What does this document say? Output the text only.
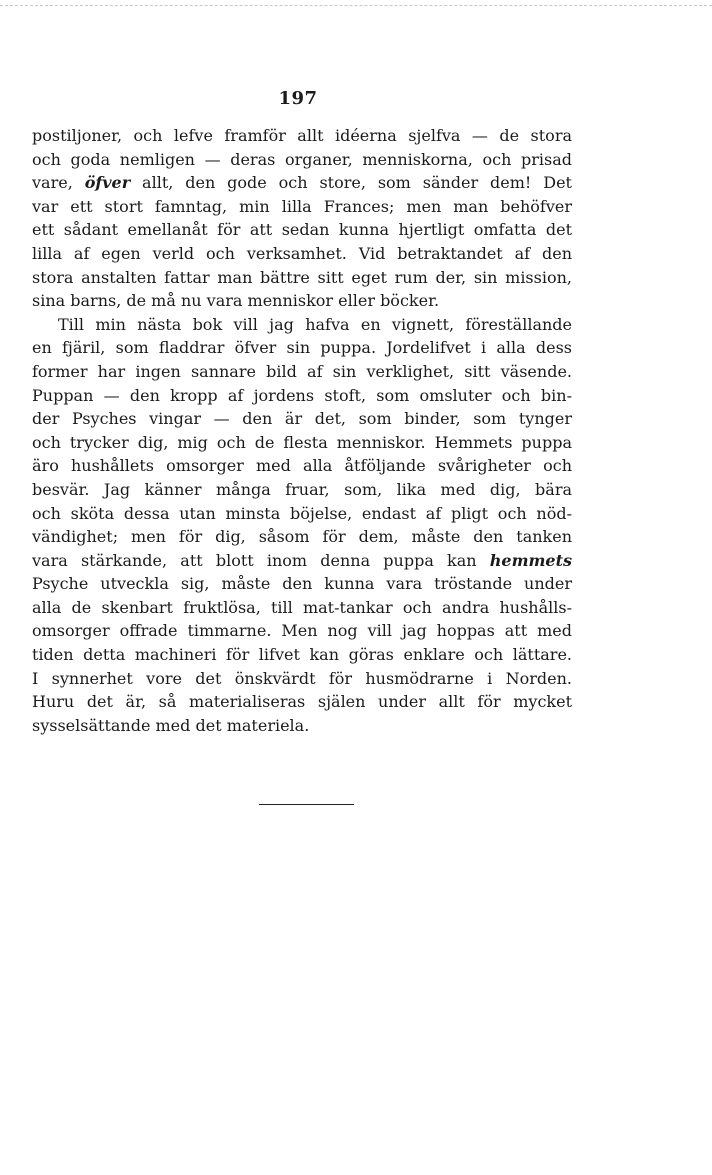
197
postiljoner, och lefve framför allt idéerna sjelfva — de stora
och goda nemligen — deras organer, menniskorna, och prisad
vare, öfver allt, den gode och store, som sänder dem! Det
var ett stort famntag, min lilla Frances; men man behöfver
ett sådant emellanåt för att sedan kunna hjertligt omfatta det
lilla af egen verld och verksamhet. Vid betraktandet af den
stora anstalten fattar man bättre sitt eget rum der, sin mission,
sina barns, de må nu vara menniskor eller böcker.
Till min nästa bok vill jag hafva en vignett, föreställande
en fjäril, som fladdrar öfver sin puppa. Jordelifvet i alla dess
former har ingen sannare bild af sin verklighet, sitt väsende.
Puppan — den kropp af jordens stoft, som omsluter och bin-
der Psyches vingar — den är det, som binder, som tynger
och trycker dig, mig och de flesta menniskor. Hemmets puppa
äro hushållets omsorger med alla åtföljande svårigheter och
besvär. Jag känner många fruar, som, lika med dig, bära
och sköta dessa utan minsta böjelse, endast af pligt och nöd-
vändighet; men för dig, såsom för dem, måste den tanken
vara stärkande, att blott inom denna puppa kan hemmets
Psyche utveckla sig, måste den kunna vara tröstande under
alla de skenbart fruktlösa, till mat-tankar och andra hushålls-
omsorger offrade timmarne. Men nog vill jag hoppas att med
tiden detta machineri för lifvet kan göras enklare och lättare.
I synnerhet vore det önskvärdt för husmödrarne i Norden.
Huru det är, så materialiseras själen under allt för mycket
sysselsättande med det materiela.
